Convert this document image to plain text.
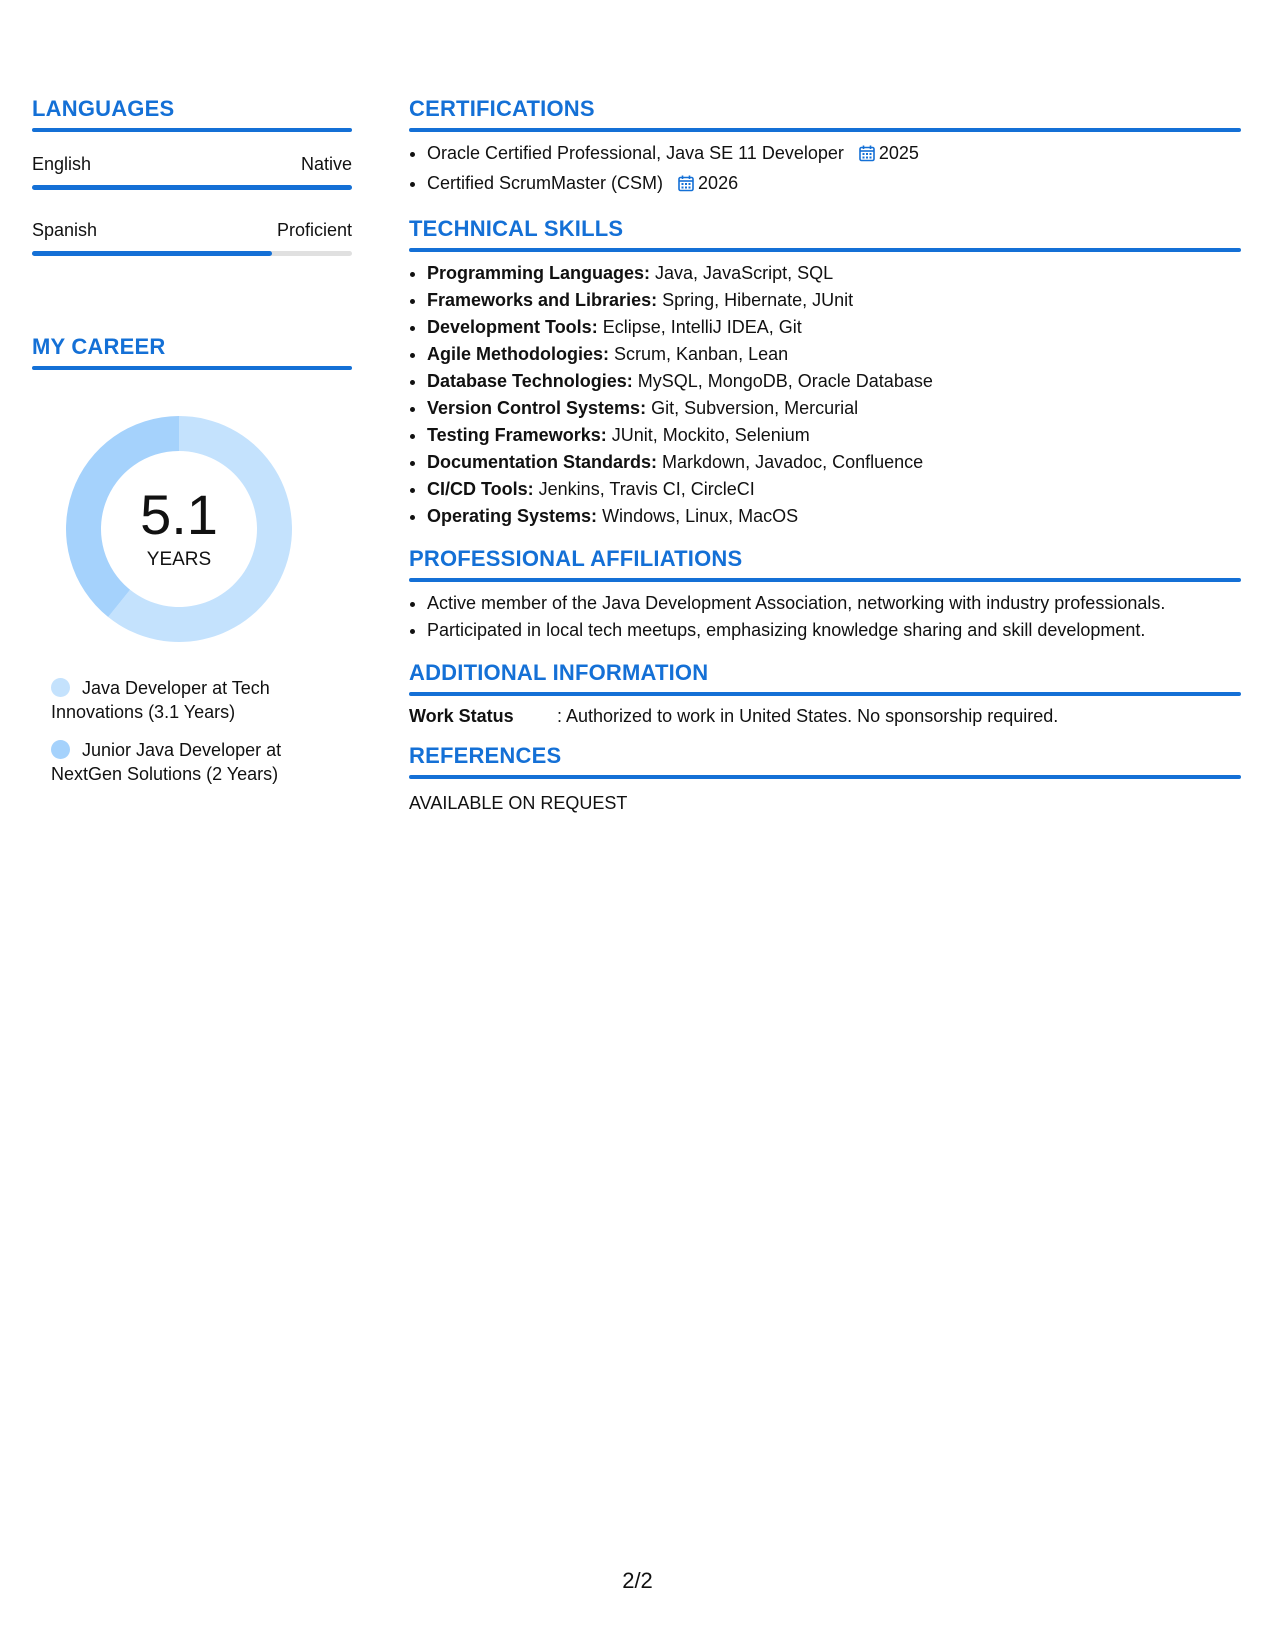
LANGUAGES
English	Native
Spanish	Proficient
MY CAREER
5.1
YEARS
Java Developer at Tech Innovations (3.1 Years)
Junior Java Developer at NextGen Solutions (2 Years)
CERTIFICATIONS
• Oracle Certified Professional, Java SE 11 Developer 2025
• Certified ScrumMaster (CSM) 2026
TECHNICAL SKILLS
• Programming Languages: Java, JavaScript, SQL
• Frameworks and Libraries: Spring, Hibernate, JUnit
• Development Tools: Eclipse, IntelliJ IDEA, Git
• Agile Methodologies: Scrum, Kanban, Lean
• Database Technologies: MySQL, MongoDB, Oracle Database
• Version Control Systems: Git, Subversion, Mercurial
• Testing Frameworks: JUnit, Mockito, Selenium
• Documentation Standards: Markdown, Javadoc, Confluence
• CI/CD Tools: Jenkins, Travis CI, CircleCI
• Operating Systems: Windows, Linux, MacOS
PROFESSIONAL AFFILIATIONS
• Active member of the Java Development Association, networking with industry professionals.
• Participated in local tech meetups, emphasizing knowledge sharing and skill development.
ADDITIONAL INFORMATION
Work Status	: Authorized to work in United States. No sponsorship required.
REFERENCES
AVAILABLE ON REQUEST
2/2
